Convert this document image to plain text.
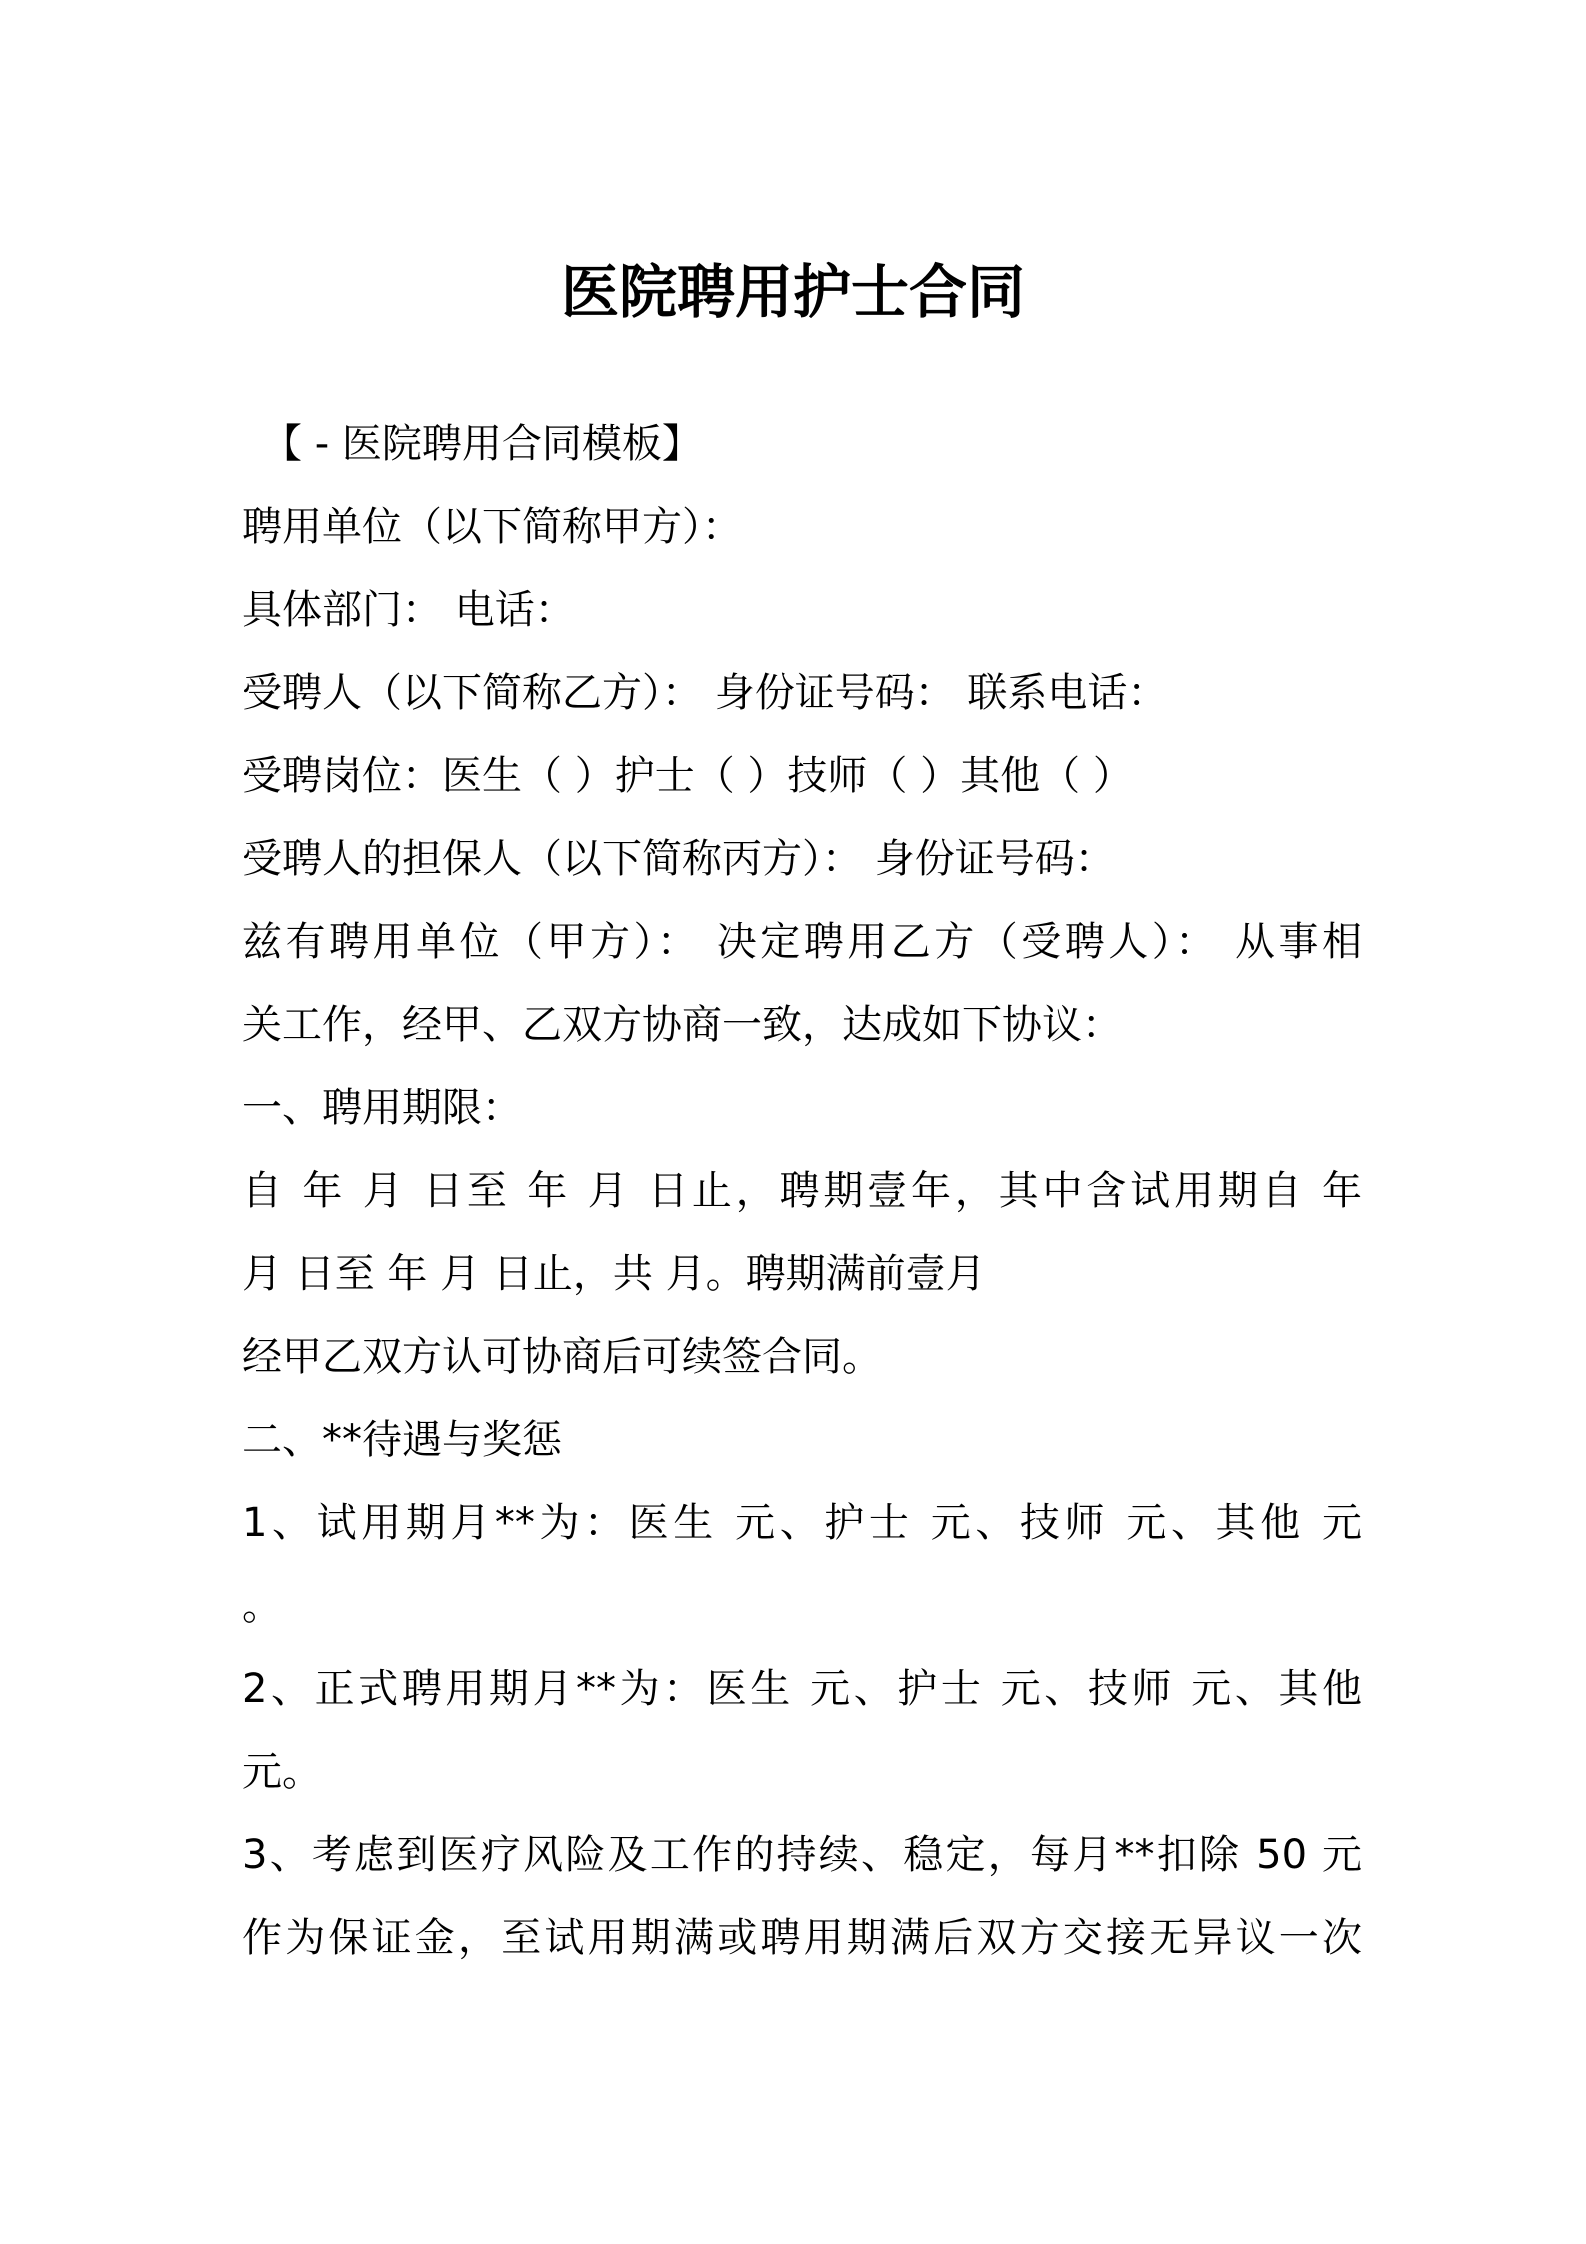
医院聘用护士合同

【 - 医院聘用合同模板】

聘用单位（以下简称甲方）：

具体部门： 电话：

受聘人（以下简称乙方）： 身份证号码： 联系电话：

受聘岗位：医生（ ）护士（ ）技师（ ）其他（ ）

受聘人的担保人（以下简称丙方）： 身份证号码：

兹有聘用单位（甲方）： 决定聘用乙方（受聘人）： 从事相

关工作，经甲、乙双方协商一致，达成如下协议：

一、聘用期限：

自 年 月 日至 年 月 日止，聘期壹年，其中含试用期自 年

月 日至 年 月 日止，共 月。聘期满前壹月

经甲乙双方认可协商后可续签合同。

二、**待遇与奖惩

1、试用期月**为：医生 元、护士 元、技师 元、其他 元

。

2、正式聘用期月**为：医生 元、护士 元、技师 元、其他

元。

3、考虑到医疗风险及工作的持续、稳定，每月**扣除 50 元

作为保证金，至试用期满或聘用期满后双方交接无异议一次
